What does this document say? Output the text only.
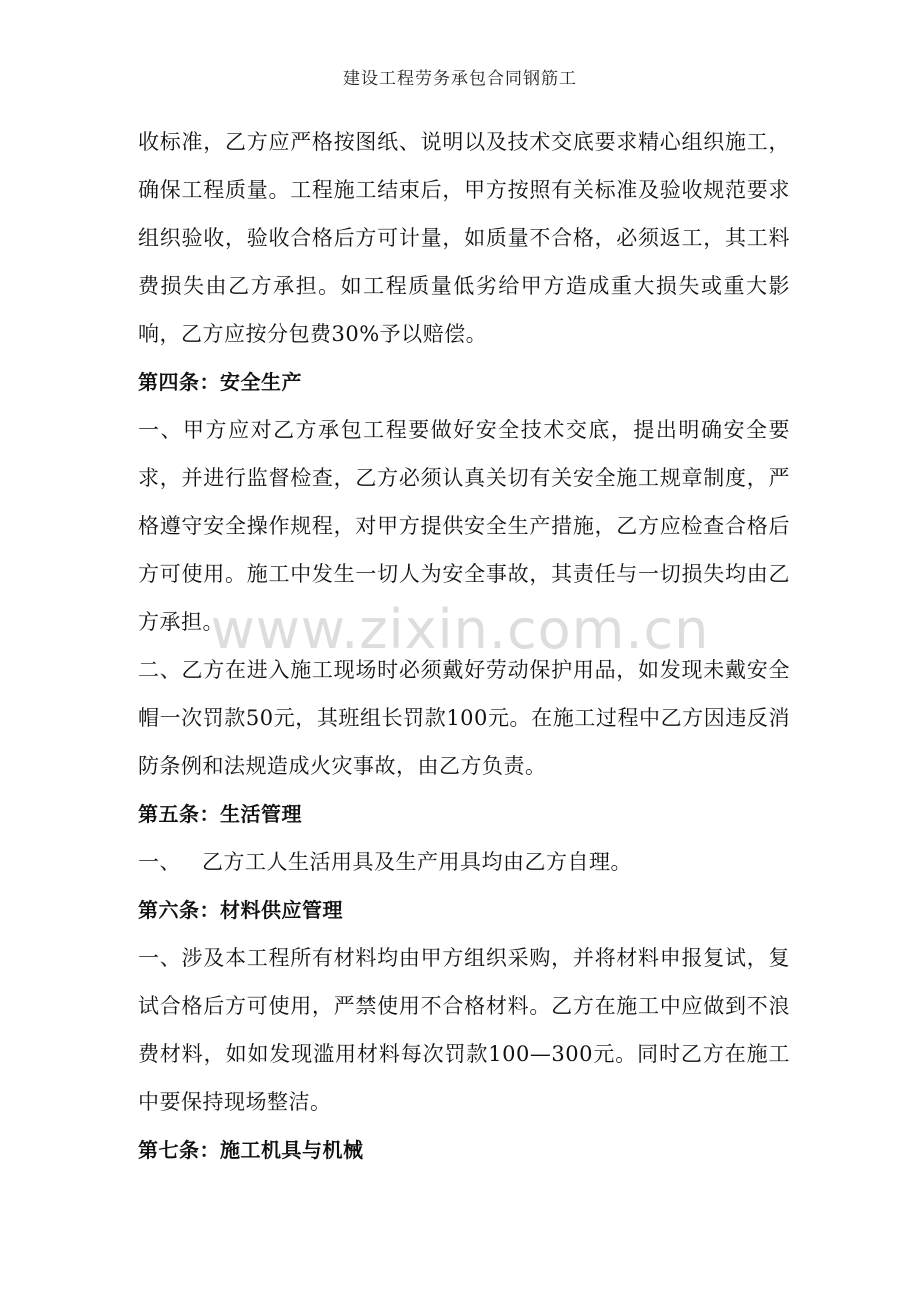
建设工程劳务承包合同钢筋工

收标准，乙方应严格按图纸、说明以及技术交底要求精心组织施工，确保工程质量。工程施工结束后，甲方按照有关标准及验收规范要求组织验收，验收合格后方可计量，如质量不合格，必须返工，其工料费损失由乙方承担。如工程质量低劣给甲方造成重大损失或重大影响，乙方应按分包费30%予以赔偿。

第四条：安全生产

一、甲方应对乙方承包工程要做好安全技术交底，提出明确安全要求，并进行监督检查，乙方必须认真关切有关安全施工规章制度，严格遵守安全操作规程，对甲方提供安全生产措施，乙方应检查合格后方可使用。施工中发生一切人为安全事故，其责任与一切损失均由乙方承担。

二、乙方在进入施工现场时必须戴好劳动保护用品，如发现未戴安全帽一次罚款50元，其班组长罚款100元。在施工过程中乙方因违反消防条例和法规造成火灾事故，由乙方负责。

第五条：生活管理

一、 乙方工人生活用具及生产用具均由乙方自理。

第六条：材料供应管理

一、涉及本工程所有材料均由甲方组织采购，并将材料申报复试，复试合格后方可使用，严禁使用不合格材料。乙方在施工中应做到不浪费材料，如如发现滥用材料每次罚款100—300元。同时乙方在施工中要保持现场整洁。

第七条：施工机具与机械
www.zixin.com.cn
